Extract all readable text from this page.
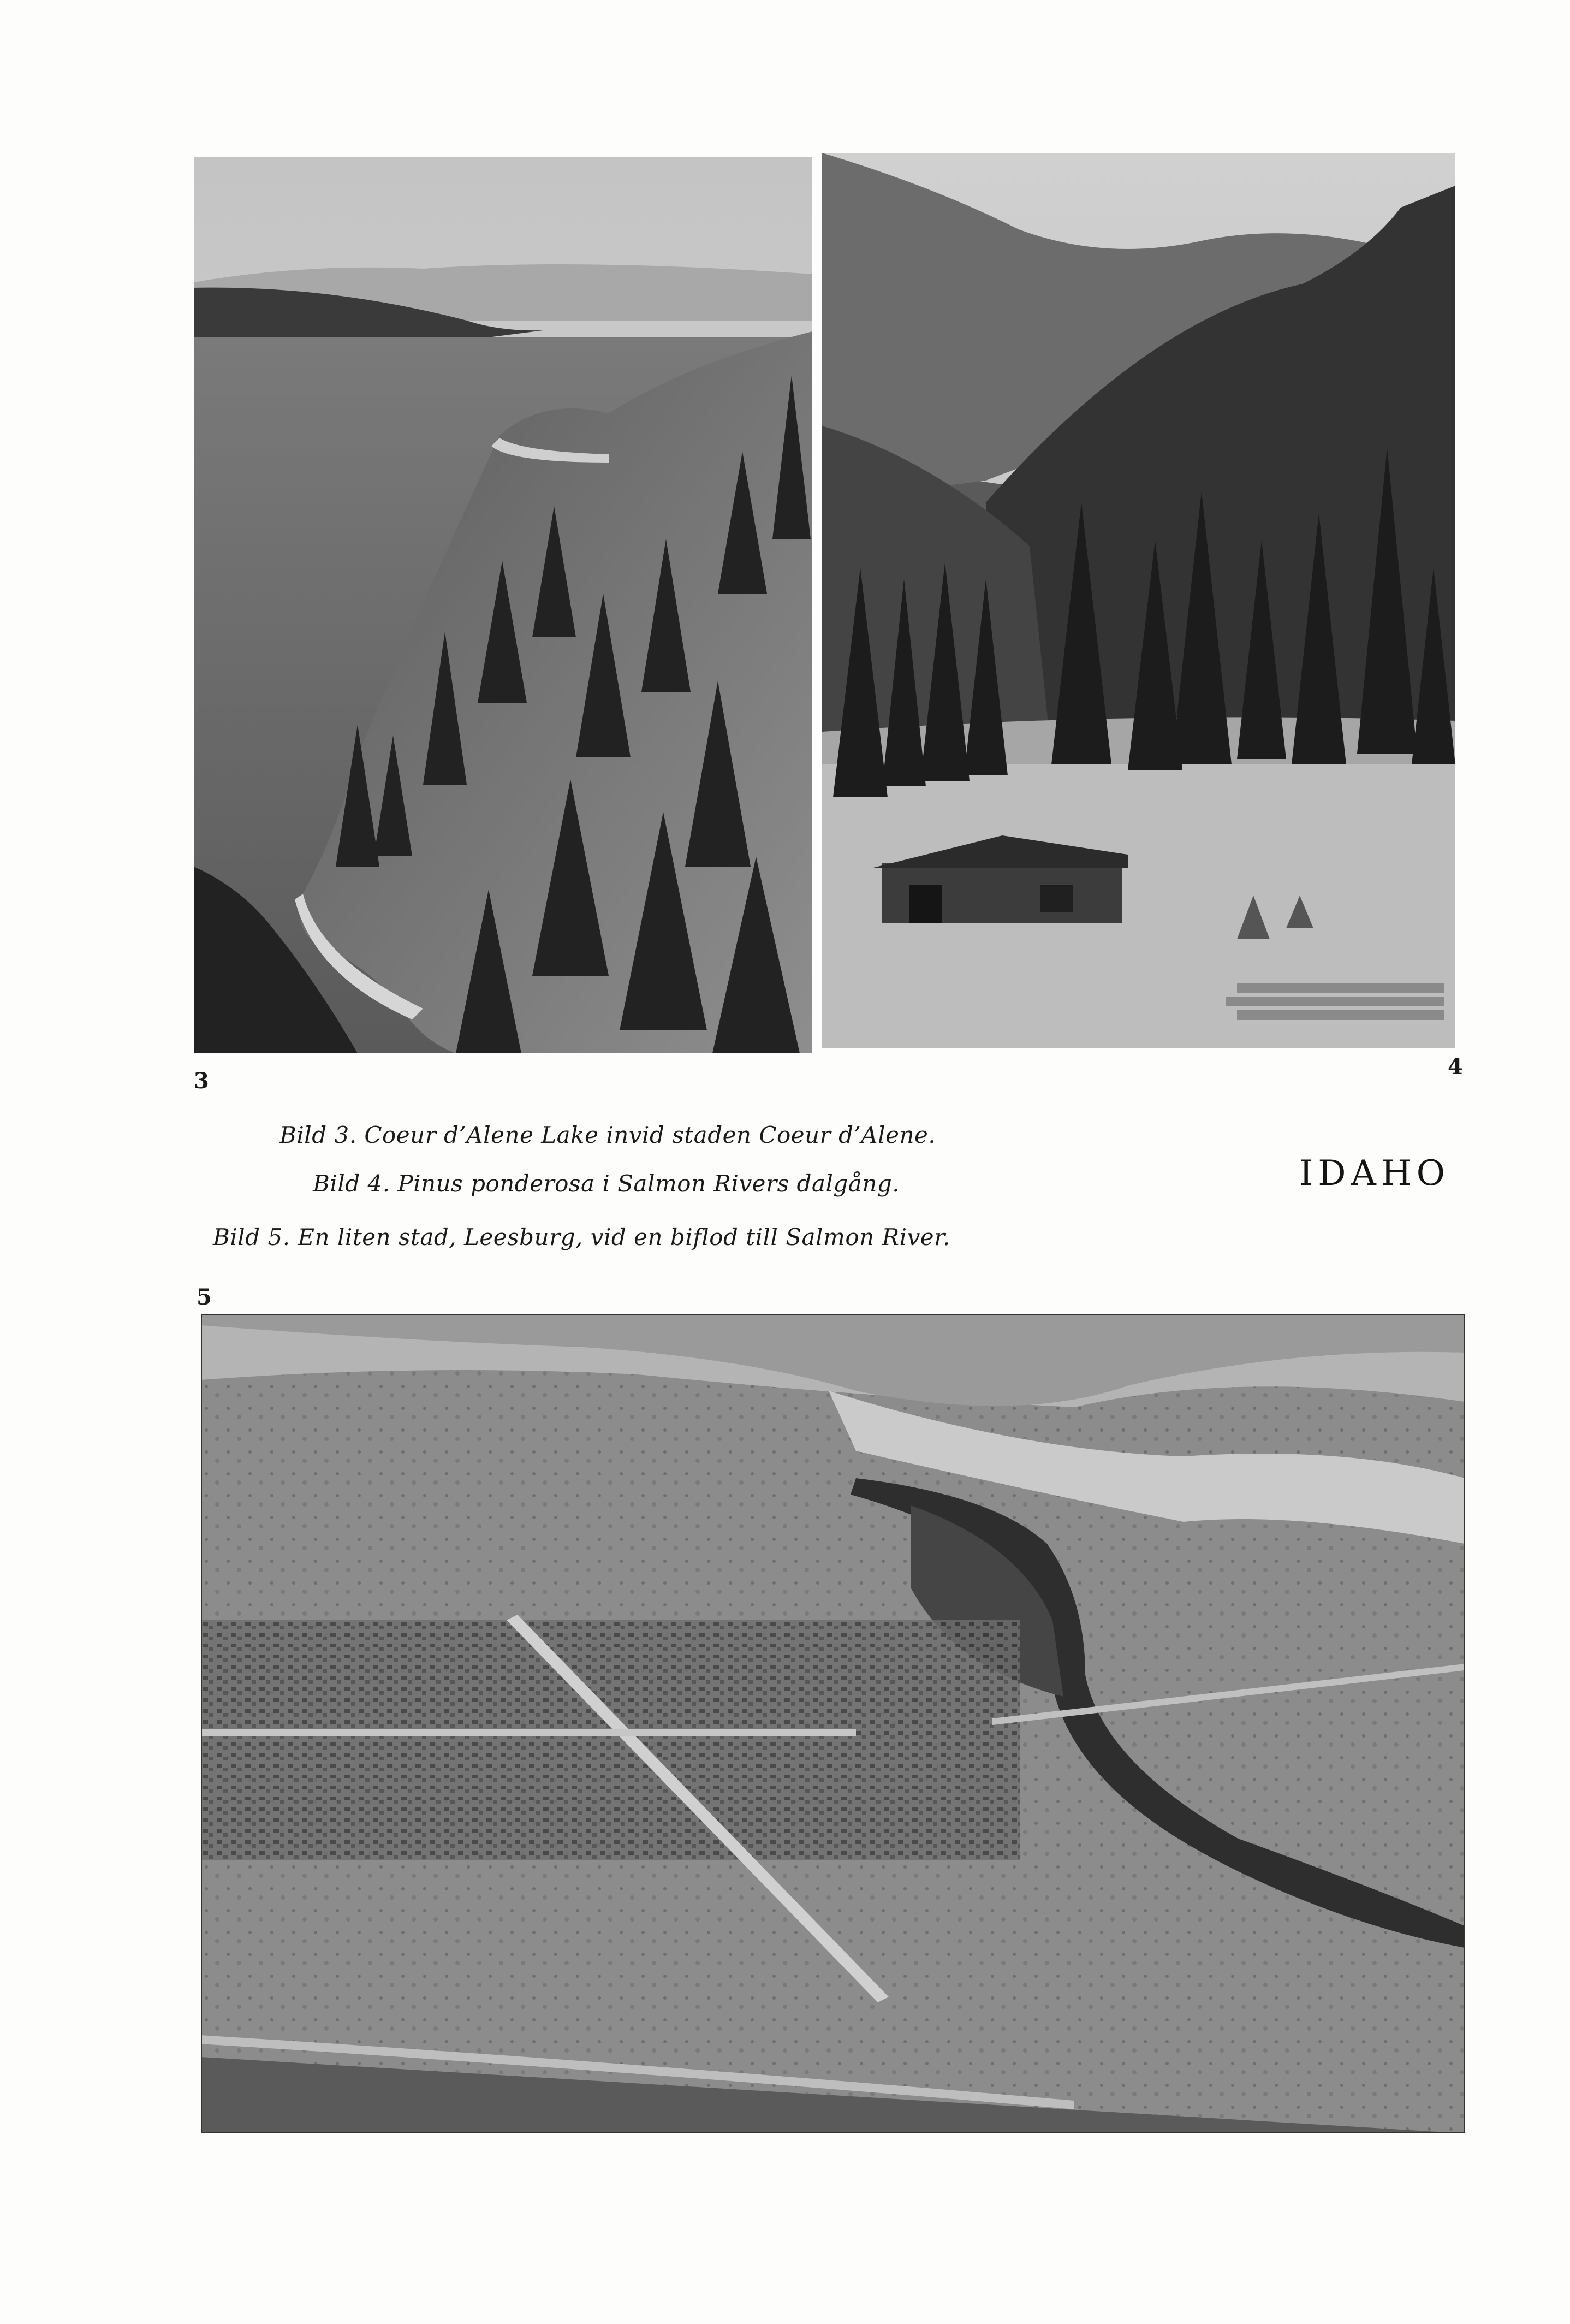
3
4
Bild 3. Coeur d’Alene Lake invid staden Coeur d’Alene.
Bild 4. Pinus ponderosa i Salmon Rivers dalgång.
Bild 5. En liten stad, Leesburg, vid en biflod till Salmon River.
IDAHO
5
